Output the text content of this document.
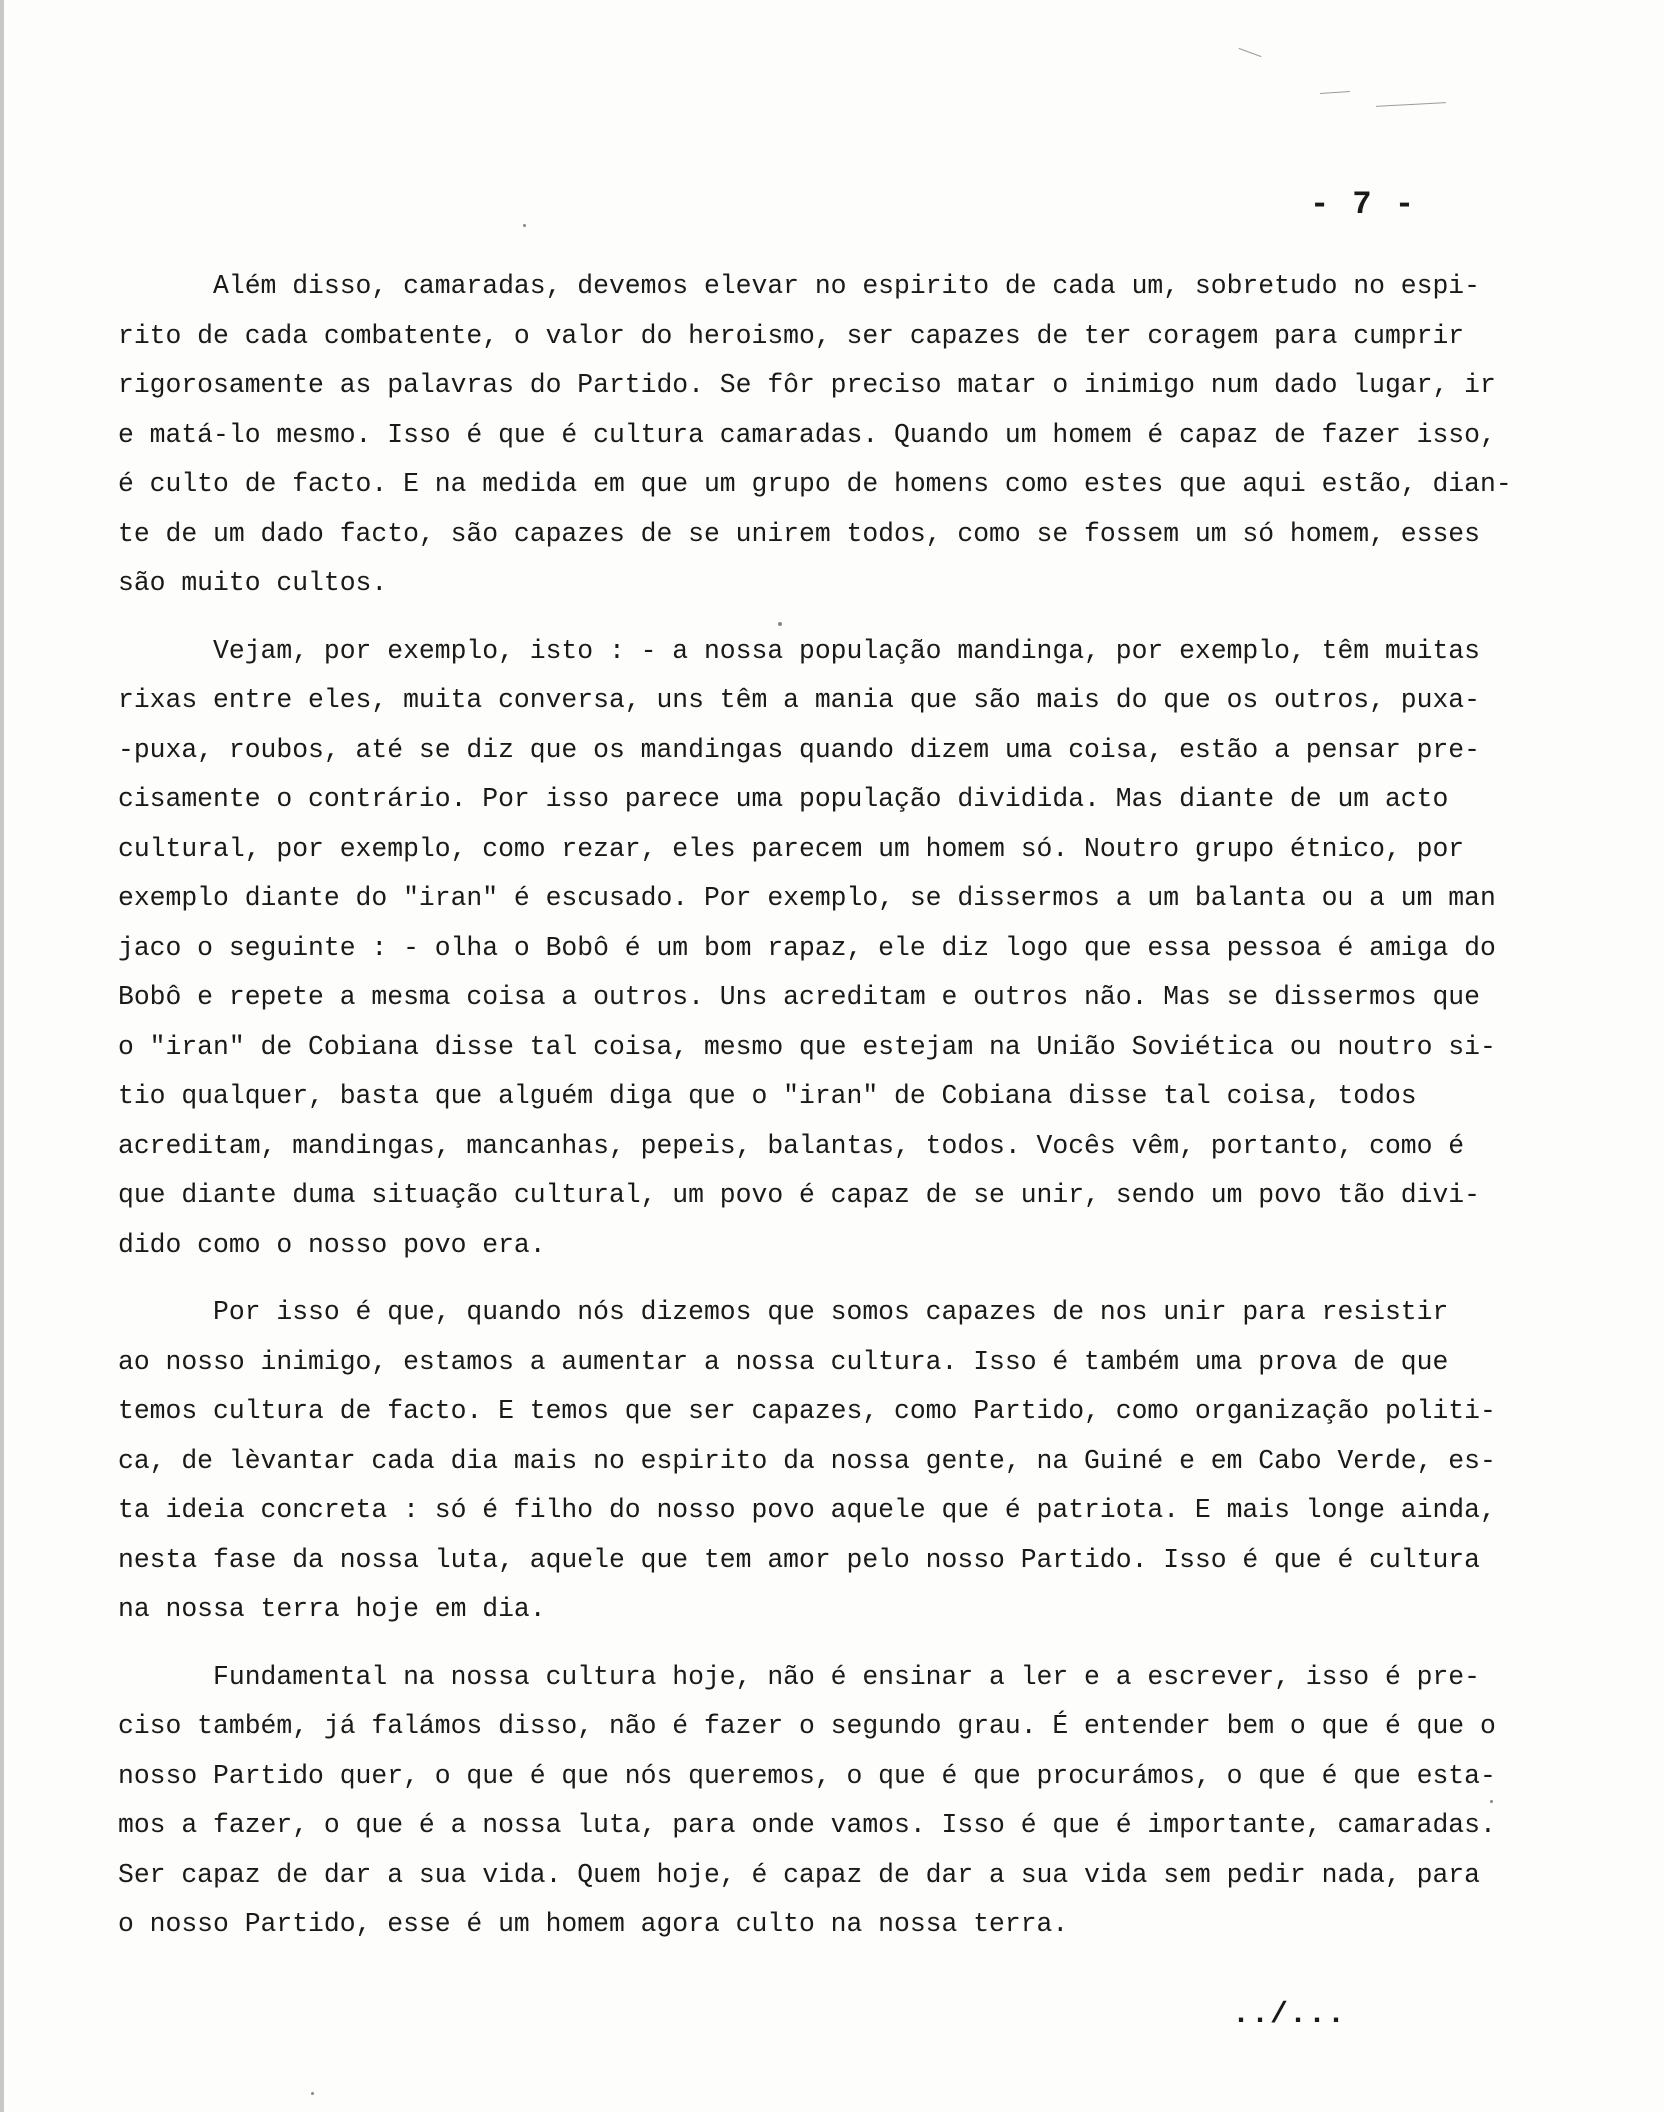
- 7 -
Além disso, camaradas, devemos elevar no espirito de cada um, sobretudo no espi-
rito de cada combatente, o valor do heroismo, ser capazes de ter coragem para cumprir
rigorosamente as palavras do Partido. Se fôr preciso matar o inimigo num dado lugar, ir
e matá-lo mesmo. Isso é que é cultura camaradas. Quando um homem é capaz de fazer isso,
é culto de facto. E na medida em que um grupo de homens como estes que aqui estão, dian-
te de um dado facto, são capazes de se unirem todos, como se fossem um só homem, esses
são muito cultos.
Vejam, por exemplo, isto : - a nossa população mandinga, por exemplo, têm muitas
rixas entre eles, muita conversa, uns têm a mania que são mais do que os outros, puxa-
-puxa, roubos, até se diz que os mandingas quando dizem uma coisa, estão a pensar pre-
cisamente o contrário. Por isso parece uma população dividida. Mas diante de um acto
cultural, por exemplo, como rezar, eles parecem um homem só. Noutro grupo étnico, por
exemplo diante do "iran" é escusado. Por exemplo, se dissermos a um balanta ou a um man
jaco o seguinte : - olha o Bobô é um bom rapaz, ele diz logo que essa pessoa é amiga do
Bobô e repete a mesma coisa a outros. Uns acreditam e outros não. Mas se dissermos que
o "iran" de Cobiana disse tal coisa, mesmo que estejam na União Soviética ou noutro si-
tio qualquer, basta que alguém diga que o "iran" de Cobiana disse tal coisa, todos
acreditam, mandingas, mancanhas, pepeis, balantas, todos. Vocês vêm, portanto, como é
que diante duma situação cultural, um povo é capaz de se unir, sendo um povo tão divi-
dido como o nosso povo era.
Por isso é que, quando nós dizemos que somos capazes de nos unir para resistir
ao nosso inimigo, estamos a aumentar a nossa cultura. Isso é também uma prova de que
temos cultura de facto. E temos que ser capazes, como Partido, como organização politi-
ca, de lèvantar cada dia mais no espirito da nossa gente, na Guiné e em Cabo Verde, es-
ta ideia concreta : só é filho do nosso povo aquele que é patriota. E mais longe ainda,
nesta fase da nossa luta, aquele que tem amor pelo nosso Partido. Isso é que é cultura
na nossa terra hoje em dia.
Fundamental na nossa cultura hoje, não é ensinar a ler e a escrever, isso é pre-
ciso também, já falámos disso, não é fazer o segundo grau. É entender bem o que é que o
nosso Partido quer, o que é que nós queremos, o que é que procurámos, o que é que esta-
mos a fazer, o que é a nossa luta, para onde vamos. Isso é que é importante, camaradas.
Ser capaz de dar a sua vida. Quem hoje, é capaz de dar a sua vida sem pedir nada, para
o nosso Partido, esse é um homem agora culto na nossa terra.
../...
